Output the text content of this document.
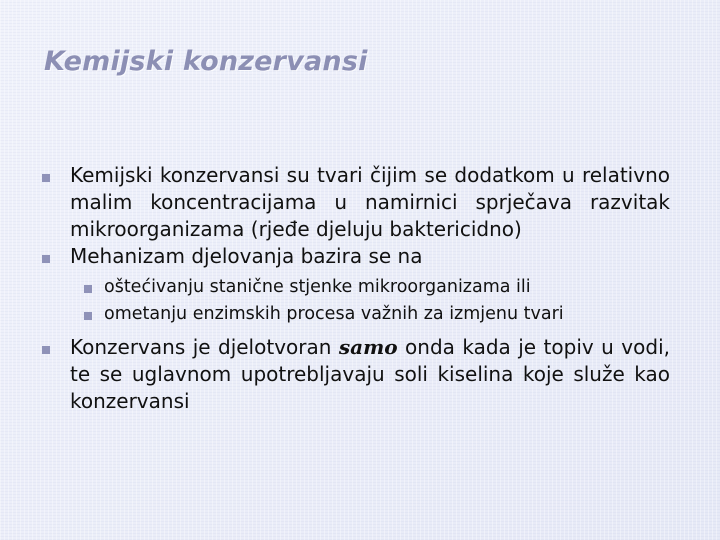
Kemijski konzervansi
Kemijski konzervansi su tvari čijim se dodatkom u relativno malim koncentracijama u namirnici sprječava razvitak mikroorganizama (rjeđe djeluju baktericidno)
Mehanizam djelovanja bazira se na
oštećivanju stanične stjenke mikroorganizama ili
ometanju enzimskih procesa važnih za izmjenu tvari
Konzervans je djelotvoran samo onda kada je topiv u vodi, te se uglavnom upotrebljavaju soli kiselina koje služe kao konzervansi
